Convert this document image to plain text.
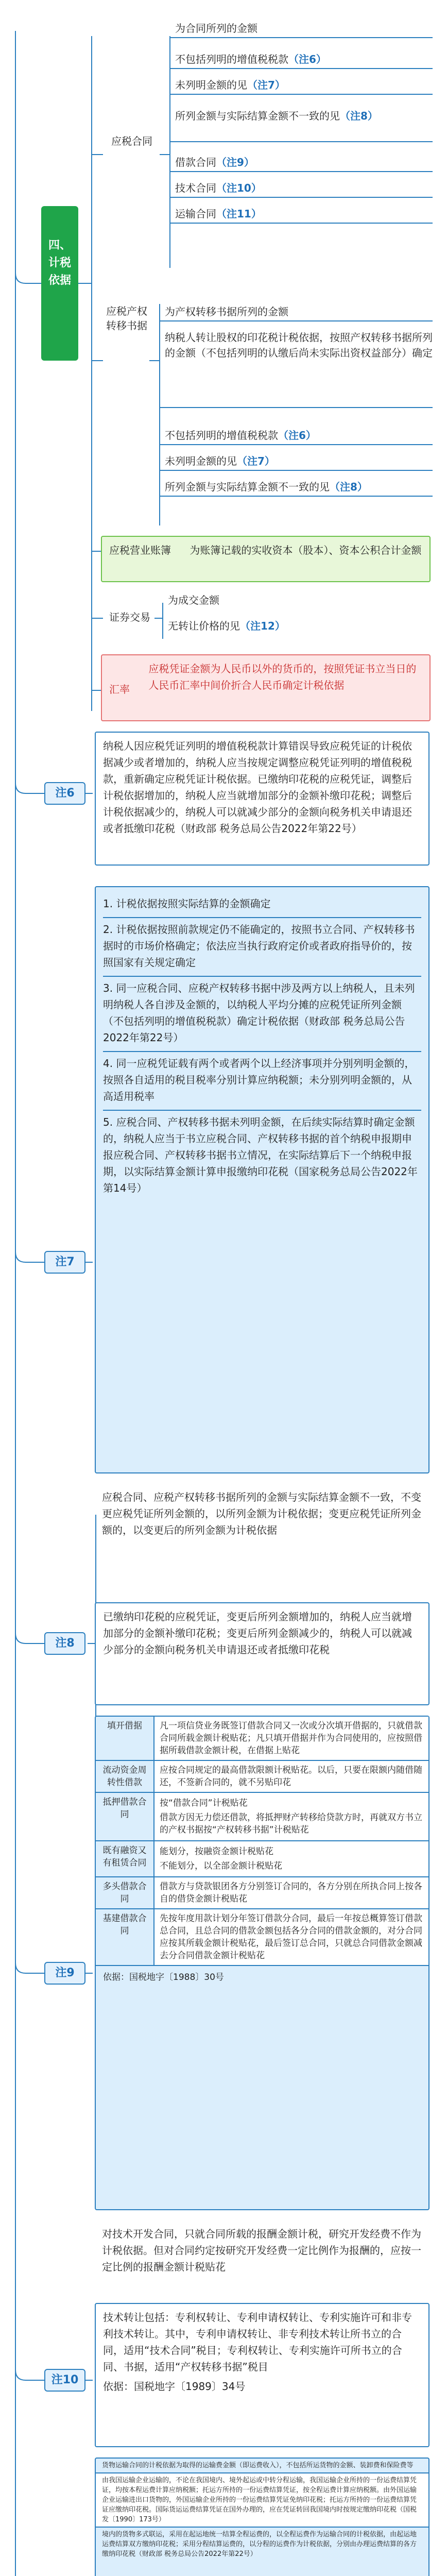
四、计税依据
应税合同
为合同所列的金额
不包括列明的增值税税款（注6）
未列明金额的见（注7）
所列金额与实际结算金额不一致的见（注8）
借款合同（注9）
技术合同（注10）
运输合同（注11）
应税产权转移书据
为产权转移书据所列的金额
纳税人转让股权的印花税计税依据，按照产权转移书据所列的金额（不包括列明的认缴后尚未实际出资权益部分）确定
不包括列明的增值税税款（注6）
未列明金额的见（注7）
所列金额与实际结算金额不一致的见（注8）
应税营业账簿 为账簿记载的实收资本（股本）、资本公积合计金额
证券交易
为成交金额
无转让价格的见（注12）
汇率 应税凭证金额为人民币以外的货币的，按照凭证书立当日的人民币汇率中间价折合人民币确定计税依据
注6
纳税人因应税凭证列明的增值税税款计算错误导致应税凭证的计税依据减少或者增加的，纳税人应当按规定调整应税凭证列明的增值税税款，重新确定应税凭证计税依据。已缴纳印花税的应税凭证，调整后计税依据增加的，纳税人应当就增加部分的金额补缴印花税；调整后计税依据减少的，纳税人可以就减少部分的金额向税务机关申请退还或者抵缴印花税（财政部 税务总局公告2022年第22号）
注7
1. 计税依据按照实际结算的金额确定
2. 计税依据按照前款规定仍不能确定的，按照书立合同、产权转移书据时的市场价格确定；依法应当执行政府定价或者政府指导价的，按照国家有关规定确定
3. 同一应税合同、应税产权转移书据中涉及两方以上纳税人，且未列明纳税人各自涉及金额的，以纳税人平均分摊的应税凭证所列金额（不包括列明的增值税税款）确定计税依据（财政部 税务总局公告2022年第22号）
4. 同一应税凭证载有两个或者两个以上经济事项并分别列明金额的，按照各自适用的税目税率分别计算应纳税额；未分别列明金额的，从高适用税率
5. 应税合同、产权转移书据未列明金额，在后续实际结算时确定金额的，纳税人应当于书立应税合同、产权转移书据的首个纳税申报期申报应税合同、产权转移书据书立情况，在实际结算后下一个纳税申报期，以实际结算金额计算申报缴纳印花税（国家税务总局公告2022年第14号）
注8
应税合同、应税产权转移书据所列的金额与实际结算金额不一致，不变更应税凭证所列金额的，以所列金额为计税依据；变更应税凭证所列金额的，以变更后的所列金额为计税依据
已缴纳印花税的应税凭证，变更后所列金额增加的，纳税人应当就增加部分的金额补缴印花税；变更后所列金额减少的，纳税人可以就减少部分的金额向税务机关申请退还或者抵缴印花税
注9
填开借据	凡一项信贷业务既签订借款合同又一次或分次填开借据的，只就借款合同所载金额计税贴花；凡只填开借据并作为合同使用的，应按照借据所载借款金额计税，在借据上贴花
流动资金周转性借款
应按合同规定的最高借款限额计税贴花。以后，只要在限额内随借随还，不签新合同的，就不另贴印花
抵押借款合同
按“借款合同”计税贴花
借款方因无力偿还借款，将抵押财产转移给贷款方时，再就双方书立的产权书据按“产权转移书据”计税贴花
既有融资又有租赁合同
能划分，按融资金额计税贴花
不能划分，以全部金额计税贴花
多头借款合同
借款方与贷款银团各方分别签订合同的，各方分别在所执合同上按各自的借贷金额计税贴花
基建借款合同
先按年度用款计划分年签订借款分合同，最后一年按总概算签订借款总合同，且总合同的借款金额包括各分合同的借款金额的，对分合同应按其所载金额计税贴花，最后签订总合同，只就总合同借款金额减去分合同借款金额计税贴花
依据：国税地字〔1988〕30号
注10
对技术开发合同，只就合同所载的报酬金额计税，研究开发经费不作为计税依据。但对合同约定按研究开发经费一定比例作为报酬的，应按一定比例的报酬金额计税贴花
技术转让包括：专利权转让、专利申请权转让、专利实施许可和非专利技术转让。其中，专利申请权转让、非专利技术转让所书立的合同，适用“技术合同”税目；专利权转让、专利实施许可所书立的合同、书据，适用“产权转移书据”税目
依据：国税地字〔1989〕34号
货物运输合同的计税依据为取得的运输费金额（即运费收入），不包括所运货物的金额、装卸费和保险费等
由我国运输企业运输的，不论在我国境内、境外起运或中转分程运输，我国运输企业所持的一份运费结算凭证，均按本程运费计算应纳税额；托运方所持的一份运费结算凭证，按全程运费计算应纳税额。由外国运输企业运输进出口货物的，外国运输企业所持的一份运费结算凭证免纳印花税；托运方所持的一份运费结算凭证应缴纳印花税。国际货运运费结算凭证在国外办理的，应在凭证转回我国境内时按规定缴纳印花税（国税发〔1990〕173号）
境内的货物多式联运，采用在起运地统一结算全程运费的，以全程运费作为运输合同的计税依据，由起运地运费结算双方缴纳印花税；采用分程结算运费的，以分程的运费作为计税依据，分别由办理运费结算的各方缴纳印花税（财政部 税务总局公告2022年第22号）
